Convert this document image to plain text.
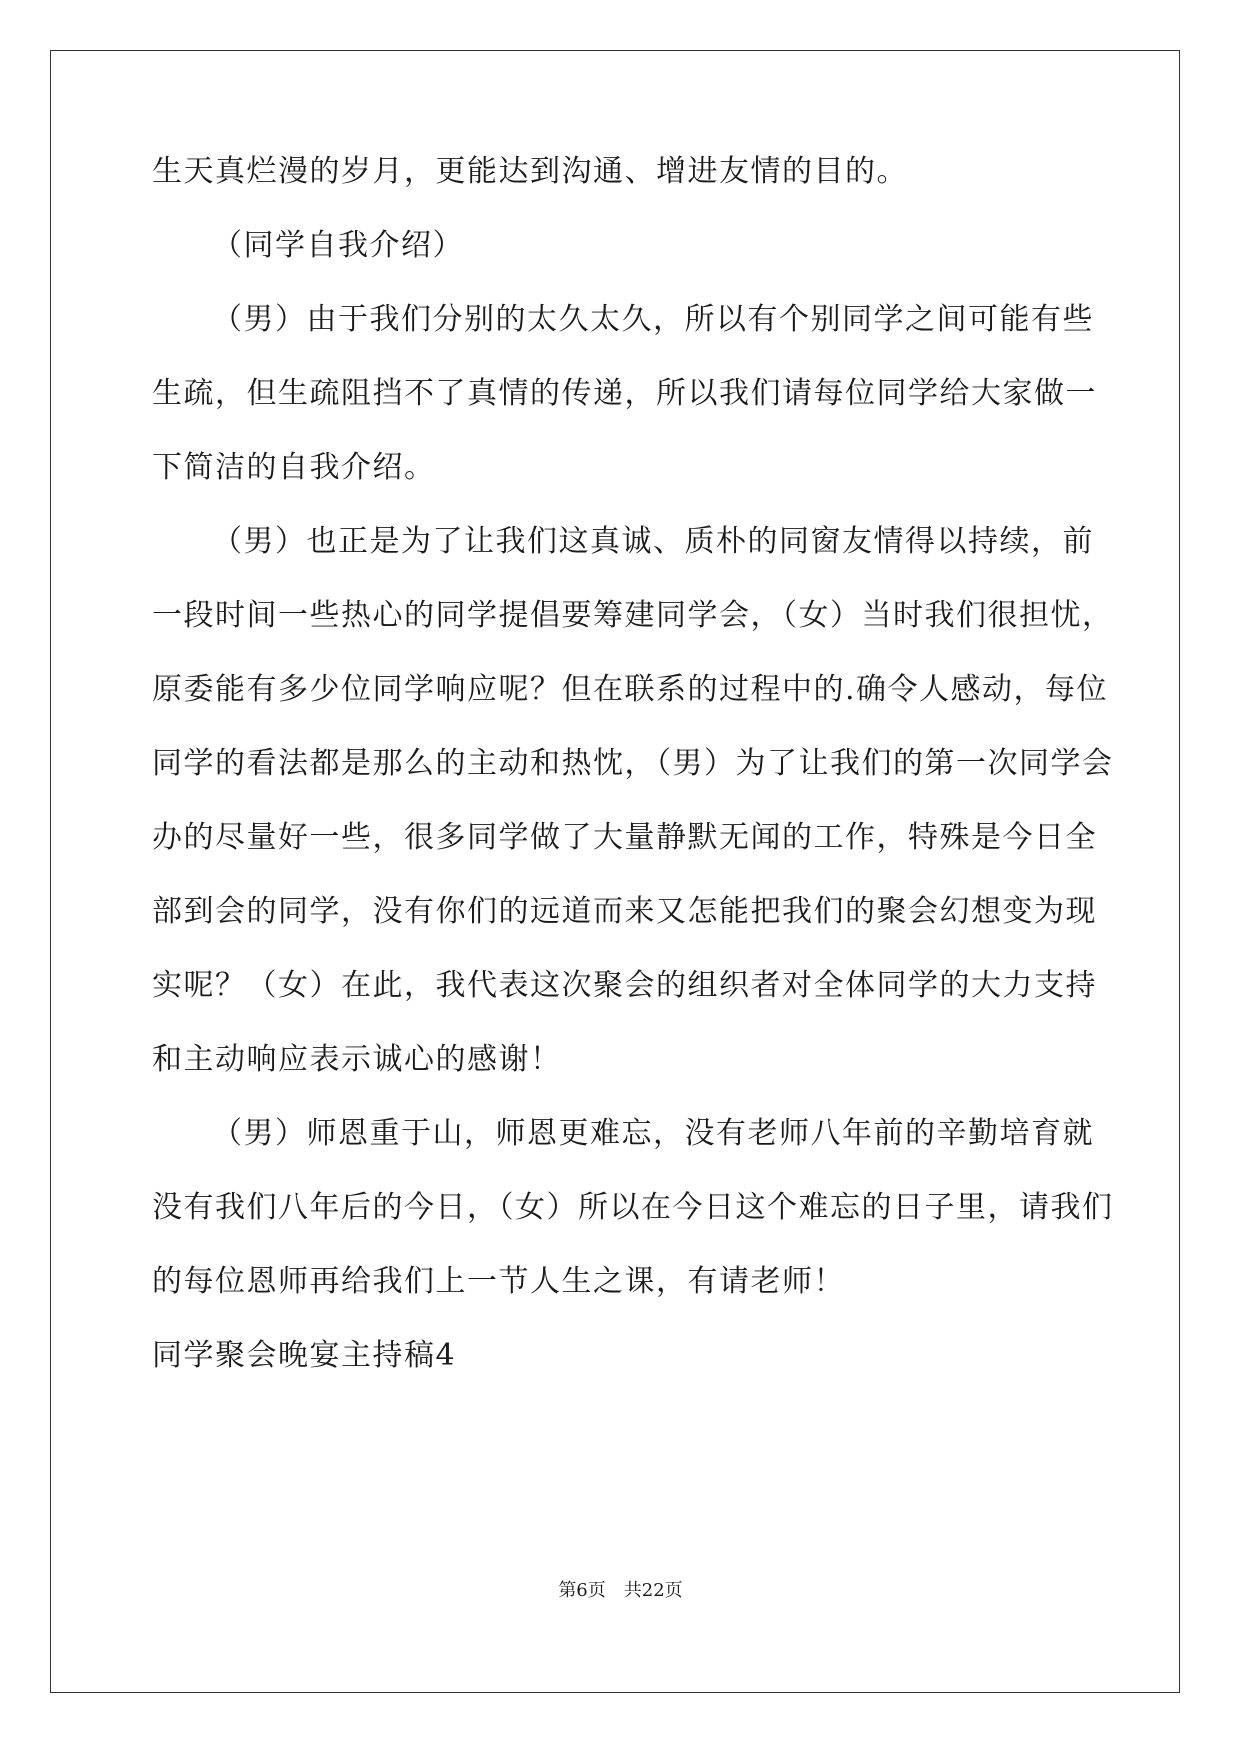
生天真烂漫的岁月，更能达到沟通、增进友情的目的。
（同学自我介绍）
（男）由于我们分别的太久太久，所以有个别同学之间可能有些
生疏，但生疏阻挡不了真情的传递，所以我们请每位同学给大家做一
下简洁的自我介绍。
（男）也正是为了让我们这真诚、质朴的同窗友情得以持续，前
一段时间一些热心的同学提倡要筹建同学会，（女）当时我们很担忧，
原委能有多少位同学响应呢？但在联系的过程中的.确令人感动，每位
同学的看法都是那么的主动和热忱，（男）为了让我们的第一次同学会
办的尽量好一些，很多同学做了大量静默无闻的工作，特殊是今日全
部到会的同学，没有你们的远道而来又怎能把我们的聚会幻想变为现
实呢？（女）在此，我代表这次聚会的组织者对全体同学的大力支持
和主动响应表示诚心的感谢！
（男）师恩重于山，师恩更难忘，没有老师八年前的辛勤培育就
没有我们八年后的今日，（女）所以在今日这个难忘的日子里，请我们
的每位恩师再给我们上一节人生之课，有请老师！
同学聚会晚宴主持稿4
第6页 共22页
